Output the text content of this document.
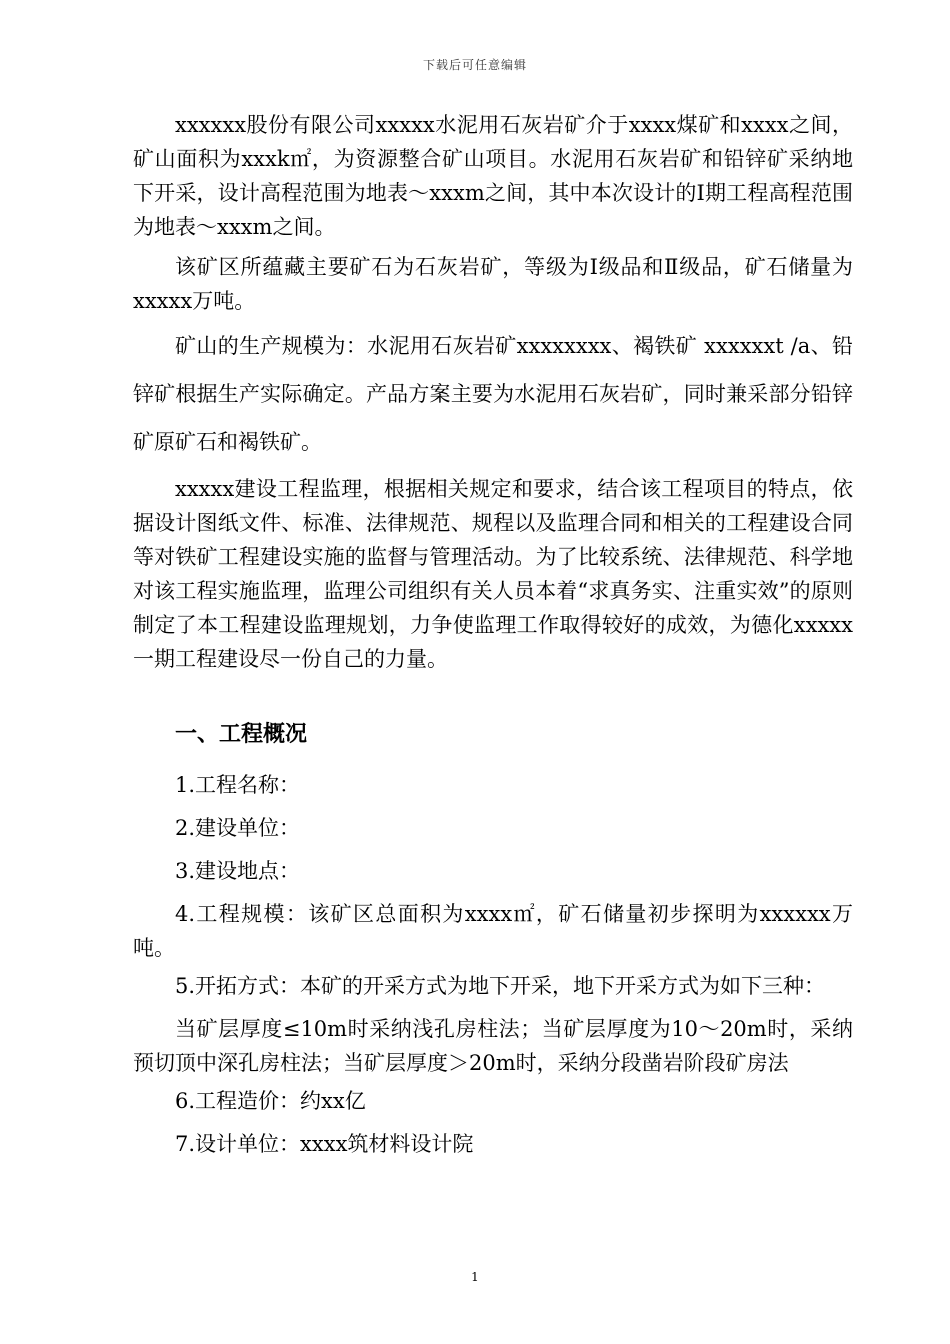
下载后可任意编辑

xxxxxx股份有限公司xxxxx水泥用石灰岩矿介于xxxx煤矿和xxxx之间，矿山面积为xxxk㎡，为资源整合矿山项目。水泥用石灰岩矿和铅锌矿采纳地下开采，设计高程范围为地表～xxxm之间，其中本次设计的Ⅰ期工程高程范围为地表～xxxm之间。

该矿区所蕴藏主要矿石为石灰岩矿，等级为Ⅰ级品和Ⅱ级品，矿石储量为xxxxx万吨。

矿山的生产规模为：水泥用石灰岩矿xxxxxxxx、褐铁矿 xxxxxxt /a、铅锌矿根据生产实际确定。产品方案主要为水泥用石灰岩矿，同时兼采部分铅锌矿原矿石和褐铁矿。

xxxxx建设工程监理，根据相关规定和要求，结合该工程项目的特点，依据设计图纸文件、标准、法律规范、规程以及监理合同和相关的工程建设合同等对铁矿工程建设实施的监督与管理活动。为了比较系统、法律规范、科学地对该工程实施监理，监理公司组织有关人员本着“求真务实、注重实效”的原则制定了本工程建设监理规划，力争使监理工作取得较好的成效，为德化xxxxx一期工程建设尽一份自己的力量。

一、工程概况

1.工程名称：

2.建设单位：

3.建设地点：

4.工程规模：该矿区总面积为xxxx㎡，矿石储量初步探明为xxxxxx万吨。

5.开拓方式：本矿的开采方式为地下开采，地下开采方式为如下三种：

当矿层厚度≤10m时采纳浅孔房柱法；当矿层厚度为10～20m时，采纳预切顶中深孔房柱法；当矿层厚度＞20m时，采纳分段凿岩阶段矿房法

6.工程造价：约xx亿

7.设计单位：xxxx筑材料设计院

1
